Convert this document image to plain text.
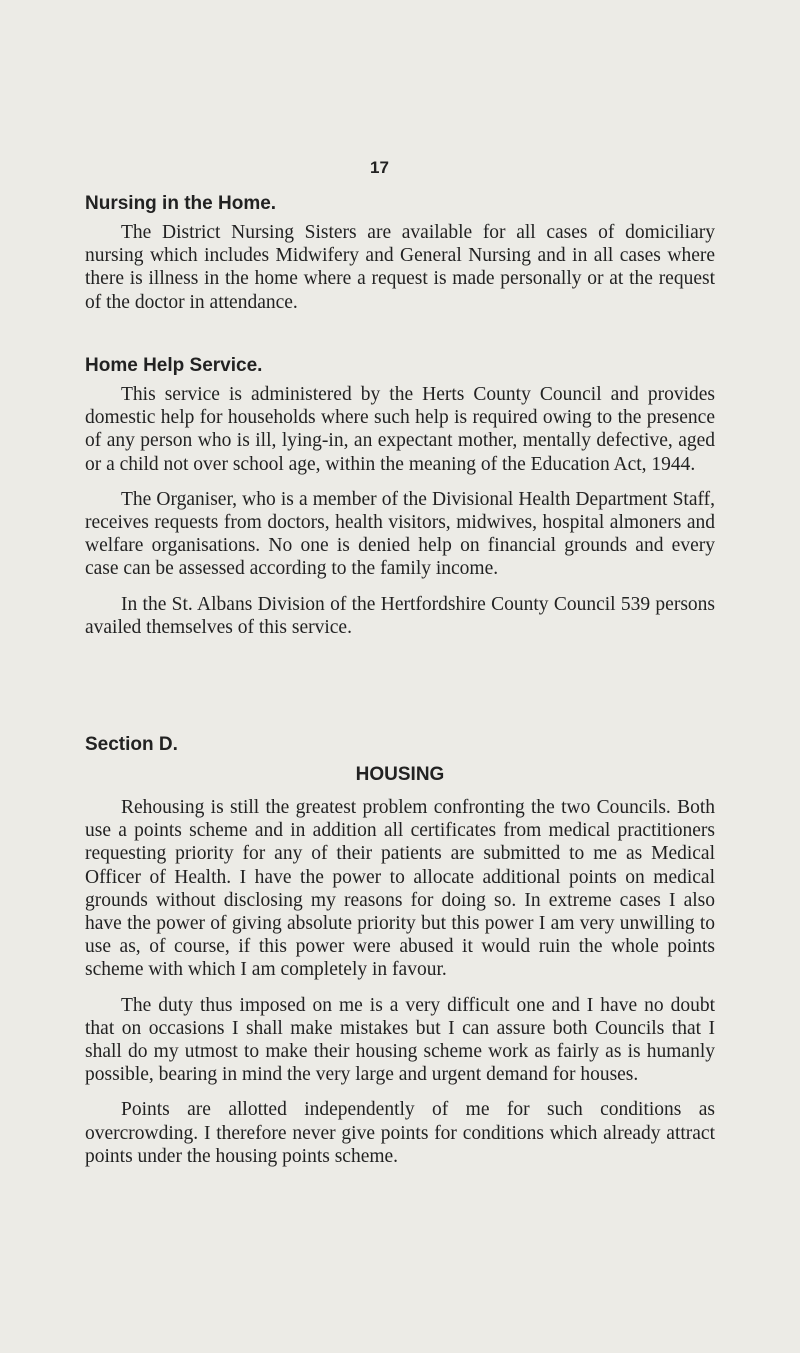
17
Nursing in the Home.

The District Nursing Sisters are available for all cases of domiciliary nursing which includes Midwifery and General Nursing and in all cases where there is illness in the home where a request is made personally or at the request of the doctor in attendance.

Home Help Service.

This service is administered by the Herts County Council and provides domestic help for households where such help is required owing to the presence of any person who is ill, lying-in, an expectant mother, mentally defective, aged or a child not over school age, within the meaning of the Education Act, 1944.

The Organiser, who is a member of the Divisional Health Department Staff, receives requests from doctors, health visitors, midwives, hospital almoners and welfare organisations. No one is denied help on financial grounds and every case can be assessed according to the family income.

In the St. Albans Division of the Hertfordshire County Council 539 persons availed themselves of this service.

Section D.
HOUSING

Rehousing is still the greatest problem confronting the two Councils. Both use a points scheme and in addition all certificates from medical practitioners requesting priority for any of their patients are submitted to me as Medical Officer of Health. I have the power to allocate additional points on medical grounds without disclosing my reasons for doing so. In extreme cases I also have the power of giving absolute priority but this power I am very unwilling to use as, of course, if this power were abused it would ruin the whole points scheme with which I am completely in favour.

The duty thus imposed on me is a very difficult one and I have no doubt that on occasions I shall make mistakes but I can assure both Councils that I shall do my utmost to make their housing scheme work as fairly as is humanly possible, bearing in mind the very large and urgent demand for houses.

Points are allotted independently of me for such conditions as overcrowding. I therefore never give points for conditions which already attract points under the housing points scheme.
